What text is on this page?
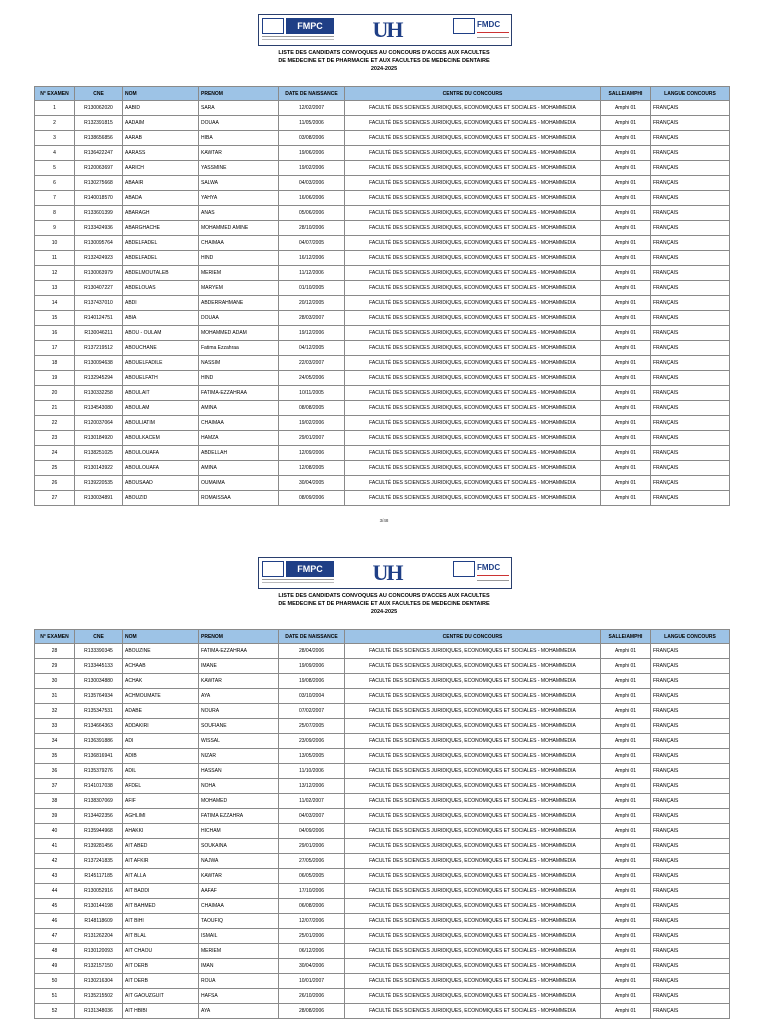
FMPC	UH	FMDC
LISTE DES CANDIDATS CONVOQUES AU CONCOURS D'ACCES AUX FACULTES
DE MEDECINE ET DE PHARMACIE ET AUX FACULTES DE MEDECINE DENTAIRE
2024-2025
N° EXAMEN	CNE	NOM	PRENOM	DATE DE NAISSANCE	CENTRE DU CONCOURS	SALLE/AMPHI	LANGUE CONCOURS
1	R130062020	AABID	SARA	12/02/2007	FACULTÉ DES SCIENCES JURIDIQUES, ECONOMIQUES ET SOCIALES - MOHAMMEDIA	Amphi 01	FRANÇAIS
2	R132391815	AADAIM	DOUAA	11/05/2006	FACULTÉ DES SCIENCES JURIDIQUES, ECONOMIQUES ET SOCIALES - MOHAMMEDIA	Amphi 01	FRANÇAIS
3	R138656856	AARAB	HIBA	03/08/2006	FACULTÉ DES SCIENCES JURIDIQUES, ECONOMIQUES ET SOCIALES - MOHAMMEDIA	Amphi 01	FRANÇAIS
4	R136422247	AARASS	KAWTAR	19/06/2006	FACULTÉ DES SCIENCES JURIDIQUES, ECONOMIQUES ET SOCIALES - MOHAMMEDIA	Amphi 01	FRANÇAIS
5	R120063697	AARICH	YASSMINE	19/02/2006	FACULTÉ DES SCIENCES JURIDIQUES, ECONOMIQUES ET SOCIALES - MOHAMMEDIA	Amphi 01	FRANÇAIS
6	R130275668	ABAAIR	SALWA	04/03/2006	FACULTÉ DES SCIENCES JURIDIQUES, ECONOMIQUES ET SOCIALES - MOHAMMEDIA	Amphi 01	FRANÇAIS
7	R140018570	ABADA	YAHYA	16/06/2006	FACULTÉ DES SCIENCES JURIDIQUES, ECONOMIQUES ET SOCIALES - MOHAMMEDIA	Amphi 01	FRANÇAIS
8	R133601399	ABARAGH	ANAS	05/06/2006	FACULTÉ DES SCIENCES JURIDIQUES, ECONOMIQUES ET SOCIALES - MOHAMMEDIA	Amphi 01	FRANÇAIS
9	R133424936	ABARGHACHE	MOHAMMED AMINE	28/10/2006	FACULTÉ DES SCIENCES JURIDIQUES, ECONOMIQUES ET SOCIALES - MOHAMMEDIA	Amphi 01	FRANÇAIS
10	R130095764	ABDELFADEL	CHAIMAA	04/07/2005	FACULTÉ DES SCIENCES JURIDIQUES, ECONOMIQUES ET SOCIALES - MOHAMMEDIA	Amphi 01	FRANÇAIS
11	R132424923	ABDELFADEL	HIND	16/12/2006	FACULTÉ DES SCIENCES JURIDIQUES, ECONOMIQUES ET SOCIALES - MOHAMMEDIA	Amphi 01	FRANÇAIS
12	R130063979	ABDELMOUTALEB	MERIEM	11/12/2006	FACULTÉ DES SCIENCES JURIDIQUES, ECONOMIQUES ET SOCIALES - MOHAMMEDIA	Amphi 01	FRANÇAIS
13	R130407227	ABDELOUAS	MARYEM	01/10/2005	FACULTÉ DES SCIENCES JURIDIQUES, ECONOMIQUES ET SOCIALES - MOHAMMEDIA	Amphi 01	FRANÇAIS
14	R137437010	ABDI	ABDERRAHMANE	20/12/2005	FACULTÉ DES SCIENCES JURIDIQUES, ECONOMIQUES ET SOCIALES - MOHAMMEDIA	Amphi 01	FRANÇAIS
15	R140124751	ABIA	DOUAA	28/03/2007	FACULTÉ DES SCIENCES JURIDIQUES, ECONOMIQUES ET SOCIALES - MOHAMMEDIA	Amphi 01	FRANÇAIS
16	R130046211	ABOU - OULAM	MOHAMMED ADAM	19/12/2006	FACULTÉ DES SCIENCES JURIDIQUES, ECONOMIQUES ET SOCIALES - MOHAMMEDIA	Amphi 01	FRANÇAIS
17	R137219512	ABOUCHANE	Fatima Ezzahraa	04/12/2005	FACULTÉ DES SCIENCES JURIDIQUES, ECONOMIQUES ET SOCIALES - MOHAMMEDIA	Amphi 01	FRANÇAIS
18	R130094638	ABOUELFADILE	NASSIM	22/03/2007	FACULTÉ DES SCIENCES JURIDIQUES, ECONOMIQUES ET SOCIALES - MOHAMMEDIA	Amphi 01	FRANÇAIS
19	R132945294	ABOUELFATH	HIND	24/05/2006	FACULTÉ DES SCIENCES JURIDIQUES, ECONOMIQUES ET SOCIALES - MOHAMMEDIA	Amphi 01	FRANÇAIS
20	R130332258	ABOULAIT	FATIMA-EZZAHRAA	10/11/2005	FACULTÉ DES SCIENCES JURIDIQUES, ECONOMIQUES ET SOCIALES - MOHAMMEDIA	Amphi 01	FRANÇAIS
21	R134543080	ABOULAM	AMINA	08/08/2005	FACULTÉ DES SCIENCES JURIDIQUES, ECONOMIQUES ET SOCIALES - MOHAMMEDIA	Amphi 01	FRANÇAIS
22	R120037064	ABOULIATIM	CHAIMAA	19/02/2006	FACULTÉ DES SCIENCES JURIDIQUES, ECONOMIQUES ET SOCIALES - MOHAMMEDIA	Amphi 01	FRANÇAIS
23	R130184920	ABOULKACEM	HAMZA	29/01/2007	FACULTÉ DES SCIENCES JURIDIQUES, ECONOMIQUES ET SOCIALES - MOHAMMEDIA	Amphi 01	FRANÇAIS
24	R138251025	ABOULOUAFA	ABDELLAH	12/09/2006	FACULTÉ DES SCIENCES JURIDIQUES, ECONOMIQUES ET SOCIALES - MOHAMMEDIA	Amphi 01	FRANÇAIS
25	R130143922	ABOULOUAFA	AMINA	12/08/2005	FACULTÉ DES SCIENCES JURIDIQUES, ECONOMIQUES ET SOCIALES - MOHAMMEDIA	Amphi 01	FRANÇAIS
26	R139220535	ABOUSAAD	OUMAIMA	30/04/2005	FACULTÉ DES SCIENCES JURIDIQUES, ECONOMIQUES ET SOCIALES - MOHAMMEDIA	Amphi 01	FRANÇAIS
27	R130034891	ABOUZID	ROMAISSAA	08/09/2006	FACULTÉ DES SCIENCES JURIDIQUES, ECONOMIQUES ET SOCIALES - MOHAMMEDIA	Amphi 01	FRANÇAIS
3/48
FMPC	UH	FMDC
LISTE DES CANDIDATS CONVOQUES AU CONCOURS D'ACCES AUX FACULTES
DE MEDECINE ET DE PHARMACIE ET AUX FACULTES DE MEDECINE DENTAIRE
2024-2025
N° EXAMEN	CNE	NOM	PRENOM	DATE DE NAISSANCE	CENTRE DU CONCOURS	SALLE/AMPHI	LANGUE CONCOURS
28	R133390345	ABOUZINE	FATIMA-EZZAHRAA	28/04/2006	FACULTÉ DES SCIENCES JURIDIQUES, ECONOMIQUES ET SOCIALES - MOHAMMEDIA	Amphi 01	FRANÇAIS
29	R133445133	ACHAAB	IMANE	19/09/2006	FACULTÉ DES SCIENCES JURIDIQUES, ECONOMIQUES ET SOCIALES - MOHAMMEDIA	Amphi 01	FRANÇAIS
30	R130034880	ACHAK	KAWTAR	19/08/2006	FACULTÉ DES SCIENCES JURIDIQUES, ECONOMIQUES ET SOCIALES - MOHAMMEDIA	Amphi 01	FRANÇAIS
31	R135764934	ACHMOUMATE	AYA	03/10/2004	FACULTÉ DES SCIENCES JURIDIQUES, ECONOMIQUES ET SOCIALES - MOHAMMEDIA	Amphi 01	FRANÇAIS
32	R135347531	ADABE	NOURA	07/02/2007	FACULTÉ DES SCIENCES JURIDIQUES, ECONOMIQUES ET SOCIALES - MOHAMMEDIA	Amphi 01	FRANÇAIS
33	R134664363	ADDAKIRI	SOUFIANE	25/07/2005	FACULTÉ DES SCIENCES JURIDIQUES, ECONOMIQUES ET SOCIALES - MOHAMMEDIA	Amphi 01	FRANÇAIS
34	R136391886	ADI	WISSAL	23/09/2006	FACULTÉ DES SCIENCES JURIDIQUES, ECONOMIQUES ET SOCIALES - MOHAMMEDIA	Amphi 01	FRANÇAIS
35	R136816941	ADIB	NIZAR	13/05/2005	FACULTÉ DES SCIENCES JURIDIQUES, ECONOMIQUES ET SOCIALES - MOHAMMEDIA	Amphi 01	FRANÇAIS
36	R135379276	ADIL	HASSAN	11/10/2006	FACULTÉ DES SCIENCES JURIDIQUES, ECONOMIQUES ET SOCIALES - MOHAMMEDIA	Amphi 01	FRANÇAIS
37	R141017038	AFDEL	NOHA	13/12/2006	FACULTÉ DES SCIENCES JURIDIQUES, ECONOMIQUES ET SOCIALES - MOHAMMEDIA	Amphi 01	FRANÇAIS
38	R138307069	AFIF	MOHAMED	11/02/2007	FACULTÉ DES SCIENCES JURIDIQUES, ECONOMIQUES ET SOCIALES - MOHAMMEDIA	Amphi 01	FRANÇAIS
39	R134422356	AGHLIMI	FATIMA EZZAHRA	04/03/2007	FACULTÉ DES SCIENCES JURIDIQUES, ECONOMIQUES ET SOCIALES - MOHAMMEDIA	Amphi 01	FRANÇAIS
40	R135944968	AHAKKI	HICHAM	04/09/2006	FACULTÉ DES SCIENCES JURIDIQUES, ECONOMIQUES ET SOCIALES - MOHAMMEDIA	Amphi 01	FRANÇAIS
41	R139281456	AIT ABED	SOUKAINA	29/01/2006	FACULTÉ DES SCIENCES JURIDIQUES, ECONOMIQUES ET SOCIALES - MOHAMMEDIA	Amphi 01	FRANÇAIS
42	R137241835	AIT AFKIR	NAJWA	27/05/2006	FACULTÉ DES SCIENCES JURIDIQUES, ECONOMIQUES ET SOCIALES - MOHAMMEDIA	Amphi 01	FRANÇAIS
43	R145117185	AIT ALLA	KAWTAR	06/05/2005	FACULTÉ DES SCIENCES JURIDIQUES, ECONOMIQUES ET SOCIALES - MOHAMMEDIA	Amphi 01	FRANÇAIS
44	R130052916	AIT BADDI	AAFAF	17/10/2006	FACULTÉ DES SCIENCES JURIDIQUES, ECONOMIQUES ET SOCIALES - MOHAMMEDIA	Amphi 01	FRANÇAIS
45	R130144198	AIT BAHMED	CHAIMAA	06/08/2006	FACULTÉ DES SCIENCES JURIDIQUES, ECONOMIQUES ET SOCIALES - MOHAMMEDIA	Amphi 01	FRANÇAIS
46	R148118609	AIT BIHI	TAOUFIQ	12/07/2006	FACULTÉ DES SCIENCES JURIDIQUES, ECONOMIQUES ET SOCIALES - MOHAMMEDIA	Amphi 01	FRANÇAIS
47	R131262204	AIT BLAL	ISMAIL	25/01/2006	FACULTÉ DES SCIENCES JURIDIQUES, ECONOMIQUES ET SOCIALES - MOHAMMEDIA	Amphi 01	FRANÇAIS
48	R130120093	AIT CHAOU	MERIEM	06/12/2006	FACULTÉ DES SCIENCES JURIDIQUES, ECONOMIQUES ET SOCIALES - MOHAMMEDIA	Amphi 01	FRANÇAIS
49	R132157150	AIT DERB	IMAN	30/04/2006	FACULTÉ DES SCIENCES JURIDIQUES, ECONOMIQUES ET SOCIALES - MOHAMMEDIA	Amphi 01	FRANÇAIS
50	R130216304	AIT DERB	ROUA	10/01/2007	FACULTÉ DES SCIENCES JURIDIQUES, ECONOMIQUES ET SOCIALES - MOHAMMEDIA	Amphi 01	FRANÇAIS
51	R135215502	AIT GAOUZGUIT	HAFSA	26/10/2006	FACULTÉ DES SCIENCES JURIDIQUES, ECONOMIQUES ET SOCIALES - MOHAMMEDIA	Amphi 01	FRANÇAIS
52	R131348036	AIT HBIBI	AYA	28/08/2006	FACULTÉ DES SCIENCES JURIDIQUES, ECONOMIQUES ET SOCIALES - MOHAMMEDIA	Amphi 01	FRANÇAIS
